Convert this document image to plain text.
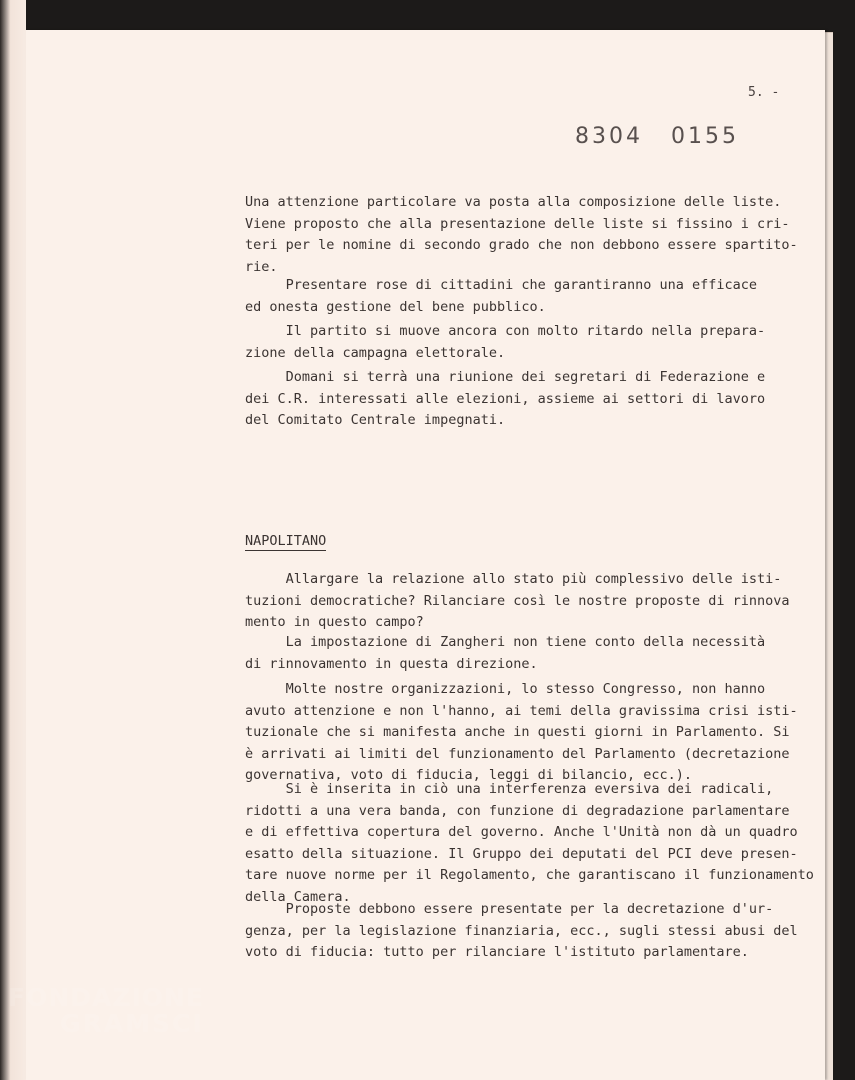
5. -

8304 0155

Una attenzione particolare va posta alla composizione delle liste.
Viene proposto che alla presentazione delle liste si fissino i cri-
teri per le nomine di secondo grado che non debbono essere spartito-
rie.

Presentare rose di cittadini che garantiranno una efficace
ed onesta gestione del bene pubblico.

Il partito si muove ancora con molto ritardo nella prepara-
zione della campagna elettorale.

Domani si terrà una riunione dei segretari di Federazione e
dei C.R. interessati alle elezioni, assieme ai settori di lavoro
del Comitato Centrale impegnati.

NAPOLITANO

Allargare la relazione allo stato più complessivo delle isti-
tuzioni democratiche? Rilanciare così le nostre proposte di rinnova
mento in questo campo?

La impostazione di Zangheri non tiene conto della necessità
di rinnovamento in questa direzione.

Molte nostre organizzazioni, lo stesso Congresso, non hanno
avuto attenzione e non l'hanno, ai temi della gravissima crisi isti-
tuzionale che si manifesta anche in questi giorni in Parlamento. Si
è arrivati ai limiti del funzionamento del Parlamento (decretazione
governativa, voto di fiducia, leggi di bilancio, ecc.).

Si è inserita in ciò una interferenza eversiva dei radicali,
ridotti a una vera banda, con funzione di degradazione parlamentare
e di effettiva copertura del governo. Anche l'Unità non dà un quadro
esatto della situazione. Il Gruppo dei deputati del PCI deve presen-
tare nuove norme per il Regolamento, che garantiscano il funzionamento
della Camera.

Proposte debbono essere presentate per la decretazione d'ur-
genza, per la legislazione finanziaria, ecc., sugli stessi abusi del
voto di fiducia: tutto per rilanciare l'istituto parlamentare.

FONDAZIONE
GRAMSCI
